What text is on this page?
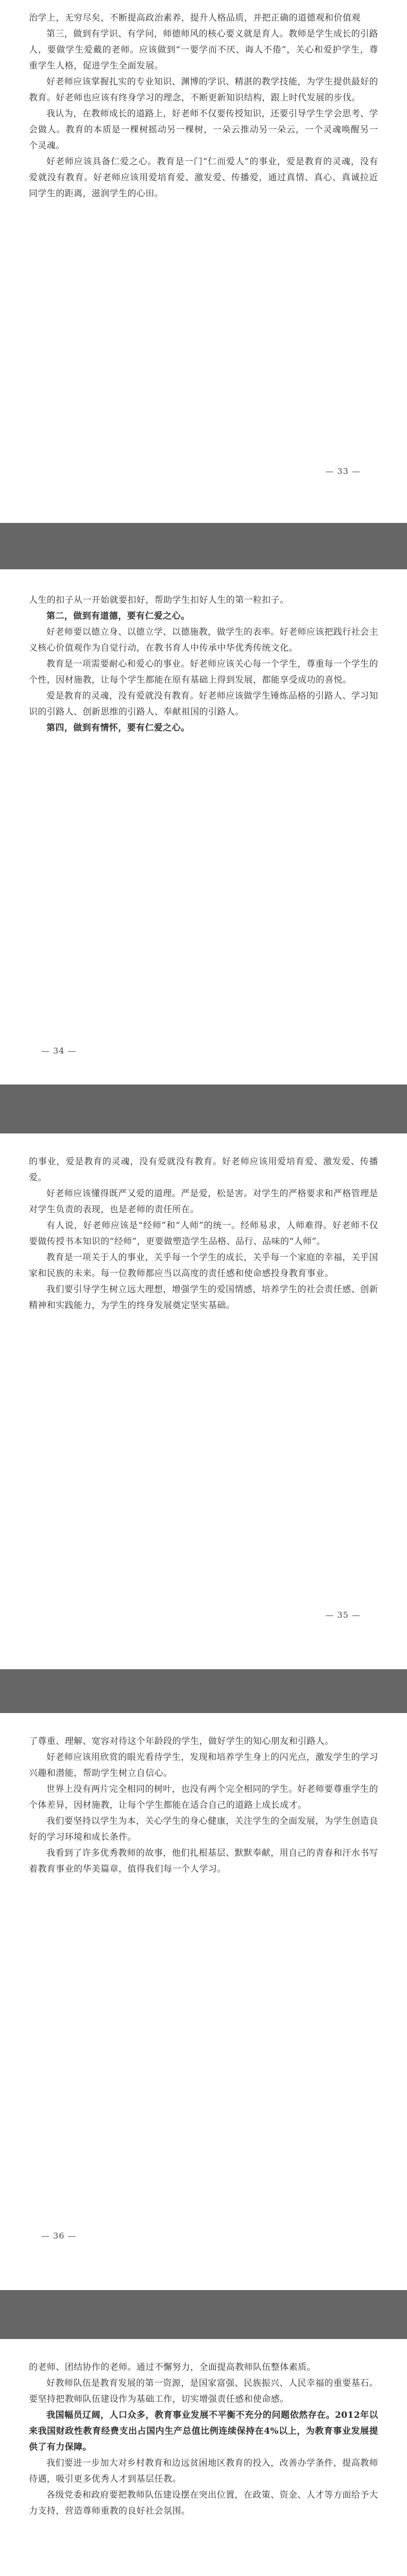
治学上，无穷尽矣，不断提高政治素养，提升人格品质，并把正确的道德观和价值观

第三，做到有学识、有学问，师德师风的核心要义就是育人。教师是学生成长的引路人，要做学生爱戴的老师。应该做到“一要学而不厌、诲人不倦”，关心和爱护学生，尊重学生人格，促进学生全面发展。

好老师应该掌握扎实的专业知识、渊博的学识、精湛的教学技能，为学生提供最好的教育。好老师也应该有终身学习的理念，不断更新知识结构，跟上时代发展的步伐。

我认为，在教师成长的道路上，好老师不仅要传授知识，还要引导学生学会思考、学会做人。教育的本质是一棵树摇动另一棵树，一朵云推动另一朵云，一个灵魂唤醒另一个灵魂。

好老师应该具备仁爱之心。教育是一门“仁而爱人”的事业，爱是教育的灵魂，没有爱就没有教育。好老师应该用爱培育爱、激发爱、传播爱，通过真情、真心、真诚拉近同学生的距离，滋润学生的心田。

— 33 —

人生的扣子从一开始就要扣好，帮助学生扣好人生的第一粒扣子。

第二，做到有道德，要有仁爱之心。

好老师要以德立身、以德立学、以德施教，做学生的表率。好老师应该把践行社会主义核心价值观作为自觉行动，在教书育人中传承中华优秀传统文化。

教育是一项需要耐心和爱心的事业。好老师应该关心每一个学生，尊重每一个学生的个性，因材施教，让每个学生都能在原有基础上得到发展，都能享受成功的喜悦。

爱是教育的灵魂，没有爱就没有教育。好老师应该做学生锤炼品格的引路人、学习知识的引路人、创新思维的引路人、奉献祖国的引路人。

第四，做到有情怀，要有仁爱之心。

— 34 —

的事业，爱是教育的灵魂，没有爱就没有教育。好老师应该用爱培育爱、激发爱、传播爱。

好老师应该懂得既严又爱的道理。严是爱，松是害。对学生的严格要求和严格管理是对学生负责的表现，也是老师的责任所在。

有人说，好老师应该是“经师”和“人师”的统一。经师易求，人师难得。好老师不仅要做传授书本知识的“经师”，更要做塑造学生品格、品行、品味的“人师”。

教育是一项关于人的事业，关乎每一个学生的成长，关乎每一个家庭的幸福，关乎国家和民族的未来。每一位教师都应当以高度的责任感和使命感投身教育事业。

我们要引导学生树立远大理想，增强学生的爱国情感，培养学生的社会责任感、创新精神和实践能力，为学生的终身发展奠定坚实基础。

— 35 —

了尊重、理解、宽容对待这个年龄段的学生，做好学生的知心朋友和引路人。

好老师应该用欣赏的眼光看待学生，发现和培养学生身上的闪光点，激发学生的学习兴趣和潜能，帮助学生树立自信心。

世界上没有两片完全相同的树叶，也没有两个完全相同的学生。好老师要尊重学生的个体差异，因材施教，让每个学生都能在适合自己的道路上成长成才。

我们要坚持以学生为本，关心学生的身心健康，关注学生的全面发展，为学生创造良好的学习环境和成长条件。

我看到了许多优秀教师的故事，他们扎根基层、默默奉献，用自己的青春和汗水书写着教育事业的华美篇章，值得我们每一个人学习。

— 36 —

的老师、团结协作的老师。通过不懈努力，全面提高教师队伍整体素质。

好教师队伍是教育发展的第一资源，是国家富强、民族振兴、人民幸福的重要基石。要坚持把教师队伍建设作为基础工作，切实增强责任感和使命感。

我国幅员辽阔，人口众多，教育事业发展不平衡不充分的问题依然存在。2012年以来我国财政性教育经费支出占国内生产总值比例连续保持在4%以上，为教育事业发展提供了有力保障。

我们要进一步加大对乡村教育和边远贫困地区教育的投入，改善办学条件，提高教师待遇，吸引更多优秀人才到基层任教。

各级党委和政府要把教师队伍建设摆在突出位置，在政策、资金、人才等方面给予大力支持，营造尊师重教的良好社会氛围。
